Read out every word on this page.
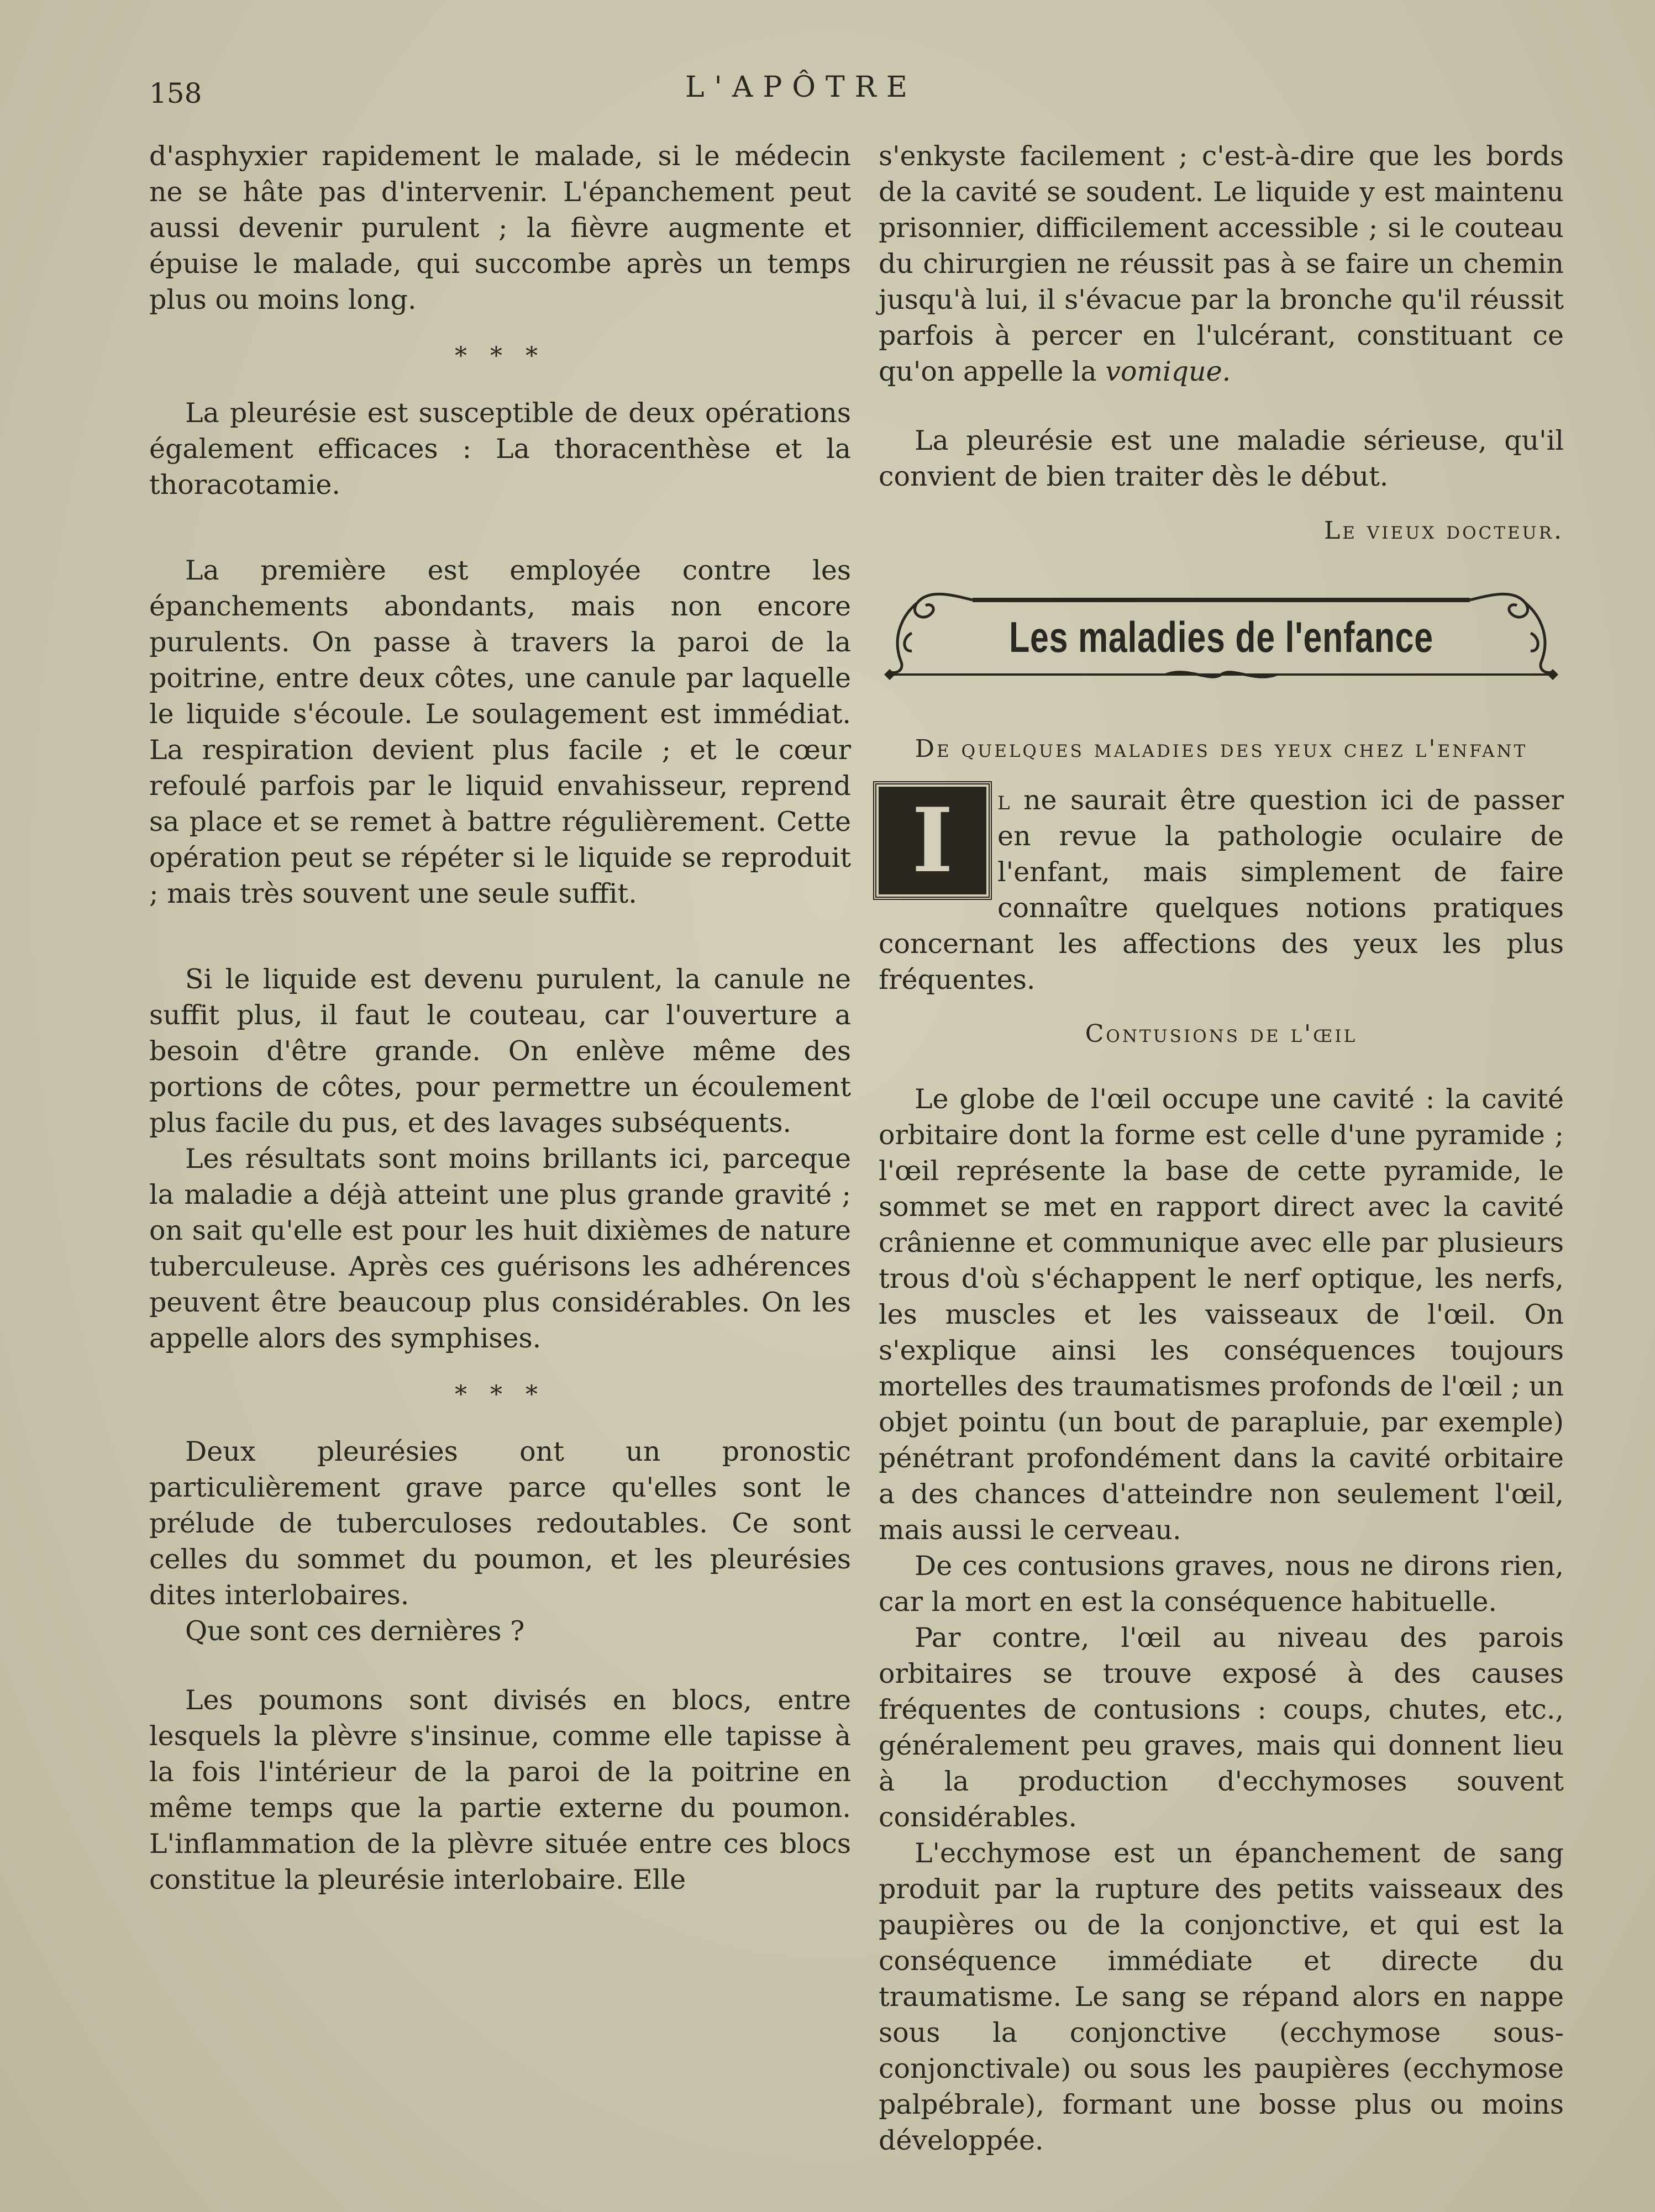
158	L'APÔTRE

d'asphyxier rapidement le malade, si le médecin ne se hâte pas d'intervenir. L'épanchement peut aussi devenir purulent ; la fièvre augmente et épuise le malade, qui succombe après un temps plus ou moins long.

* * *

La pleurésie est susceptible de deux opérations également efficaces : La thoracenthèse et la thoracotamie.

La première est employée contre les épanchements abondants, mais non encore purulents. On passe à travers la paroi de la poitrine, entre deux côtes, une canule par laquelle le liquide s'écoule. Le soulagement est immédiat. La respiration devient plus facile ; et le cœur refoulé parfois par le liquid envahisseur, reprend sa place et se remet à battre régulièrement. Cette opération peut se répéter si le liquide se reproduit ; mais très souvent une seule suffit.

Si le liquide est devenu purulent, la canule ne suffit plus, il faut le couteau, car l'ouverture a besoin d'être grande. On enlève même des portions de côtes, pour permettre un écoulement plus facile du pus, et des lavages subséquents.

Les résultats sont moins brillants ici, parceque la maladie a déjà atteint une plus grande gravité ; on sait qu'elle est pour les huit dixièmes de nature tuberculeuse. Après ces guérisons les adhérences peuvent être beaucoup plus considérables. On les appelle alors des symphises.

* * *

Deux pleurésies ont un pronostic particulièrement grave parce qu'elles sont le prélude de tuberculoses redoutables. Ce sont celles du sommet du poumon, et les pleurésies dites interlobaires.

Que sont ces dernières ?

Les poumons sont divisés en blocs, entre lesquels la plèvre s'insinue, comme elle tapisse à la fois l'intérieur de la paroi de la poitrine en même temps que la partie externe du poumon. L'inflammation de la plèvre située entre ces blocs constitue la pleurésie interlobaire. Elle

s'enkyste facilement ; c'est-à-dire que les bords de la cavité se soudent. Le liquide y est maintenu prisonnier, difficilement accessible ; si le couteau du chirurgien ne réussit pas à se faire un chemin jusqu'à lui, il s'évacue par la bronche qu'il réussit parfois à percer en l'ulcérant, constituant ce qu'on appelle la vomique.

La pleurésie est une maladie sérieuse, qu'il convient de bien traiter dès le début.

Le vieux docteur.
Les maladies de l'enfance
De quelques maladies des yeux chez l'enfant
I	l ne saurait être question ici de passer en revue la pathologie oculaire de l'enfant, mais simplement de faire connaître quelques notions pratiques concernant les affections des yeux les plus fréquentes.

Contusions de l'œil

Le globe de l'œil occupe une cavité : la cavité orbitaire dont la forme est celle d'une pyramide ; l'œil représente la base de cette pyramide, le sommet se met en rapport direct avec la cavité crânienne et communique avec elle par plusieurs trous d'où s'échappent le nerf optique, les nerfs, les muscles et les vaisseaux de l'œil. On s'explique ainsi les conséquences toujours mortelles des traumatismes profonds de l'œil ; un objet pointu (un bout de parapluie, par exemple) pénétrant profondément dans la cavité orbitaire a des chances d'atteindre non seulement l'œil, mais aussi le cerveau.

De ces contusions graves, nous ne dirons rien, car la mort en est la conséquence habituelle.

Par contre, l'œil au niveau des parois orbitaires se trouve exposé à des causes fréquentes de contusions : coups, chutes, etc., généralement peu graves, mais qui donnent lieu à la production d'ecchymoses souvent considérables.

L'ecchymose est un épanchement de sang produit par la rupture des petits vaisseaux des paupières ou de la conjonctive, et qui est la conséquence immédiate et directe du traumatisme. Le sang se répand alors en nappe sous la conjonctive (ecchymose sous-conjonctivale) ou sous les paupières (ecchymose palpébrale), formant une bosse plus ou moins développée.
